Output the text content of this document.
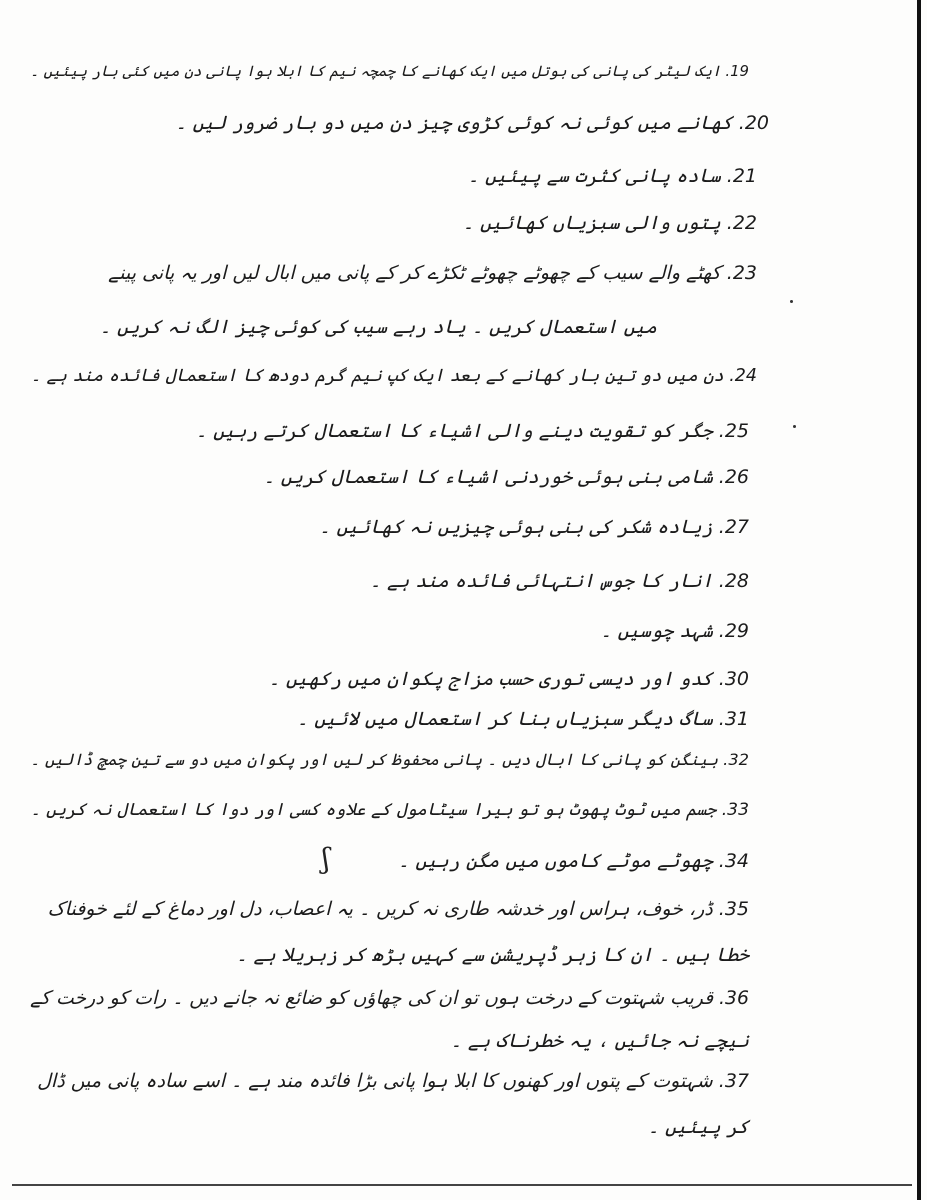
19. ایک لیٹر کی پانی کی بوتل میں ایک کھانے کا چمچہ نیم کا ابلا ہوا پانی دن میں کئی بار پیئیں ۔
20. کھانے میں کوئی نہ کوئی کڑوی چیز دن میں دو بار ضرور لیں ۔
21. سادہ پانی کثرت سے پیئیں ۔
22. پتوں والی سبزیاں کھائیں ۔
23. کھٹے والے سیب کے چھوٹے چھوٹے ٹکڑے کر کے پانی میں ابال لیں اور یہ پانی پینے
میں استعمال کریں ۔ یاد رہے سیب کی کوئی چیز الگ نہ کریں ۔
24. دن میں دو تین بار کھانے کے بعد ایک کپ نیم گرم دودھ کا استعمال فائدہ مند ہے ۔
25. جگر کو تقویت دینے والی اشیاء کا استعمال کرتے رہیں ۔
26. شامی بنی ہوئی خوردنی اشیاء کا استعمال کریں ۔
27. زیادہ شکر کی بنی ہوئی چیزیں نہ کھائیں ۔
28. انار کا جوس انتہائی فائدہ مند ہے ۔
29. شہد چوسیں ۔
30. کدو اور دیسی توری حسب مزاج پکوان میں رکھیں ۔
31. ساگ دیگر سبزیاں بنا کر استعمال میں لائیں ۔
32. بینگن کو پانی کا ابال دیں ۔ پانی محفوظ کر لیں اور پکوان میں دو سے تین چمچ ڈالیں ۔
33. جسم میں ٹوٹ پھوٹ ہو تو بیرا سیٹامول کے علاوہ کسی اور دوا کا استعمال نہ کریں ۔
34. چھوٹے موٹے کاموں میں مگن رہیں ۔
35. ڈر، خوف، ہراس اور خدشہ طاری نہ کریں ۔ یہ اعصاب، دل اور دماغ کے لئے خوفناک
خطا ہیں ۔ ان کا زہر ڈپریشن سے کہیں بڑھ کر زہریلا ہے ۔
36. قریب شہتوت کے درخت ہوں تو ان کی چھاؤں کو ضائع نہ جانے دیں ۔ رات کو درخت کے
نیچے نہ جائیں ، یہ خطرناک ہے ۔
37. شہتوت کے پتوں اور کھنوں کا ابلا ہوا پانی بڑا فائدہ مند ہے ۔ اسے سادہ پانی میں ڈال
کر پیئیں ۔
ʃ
